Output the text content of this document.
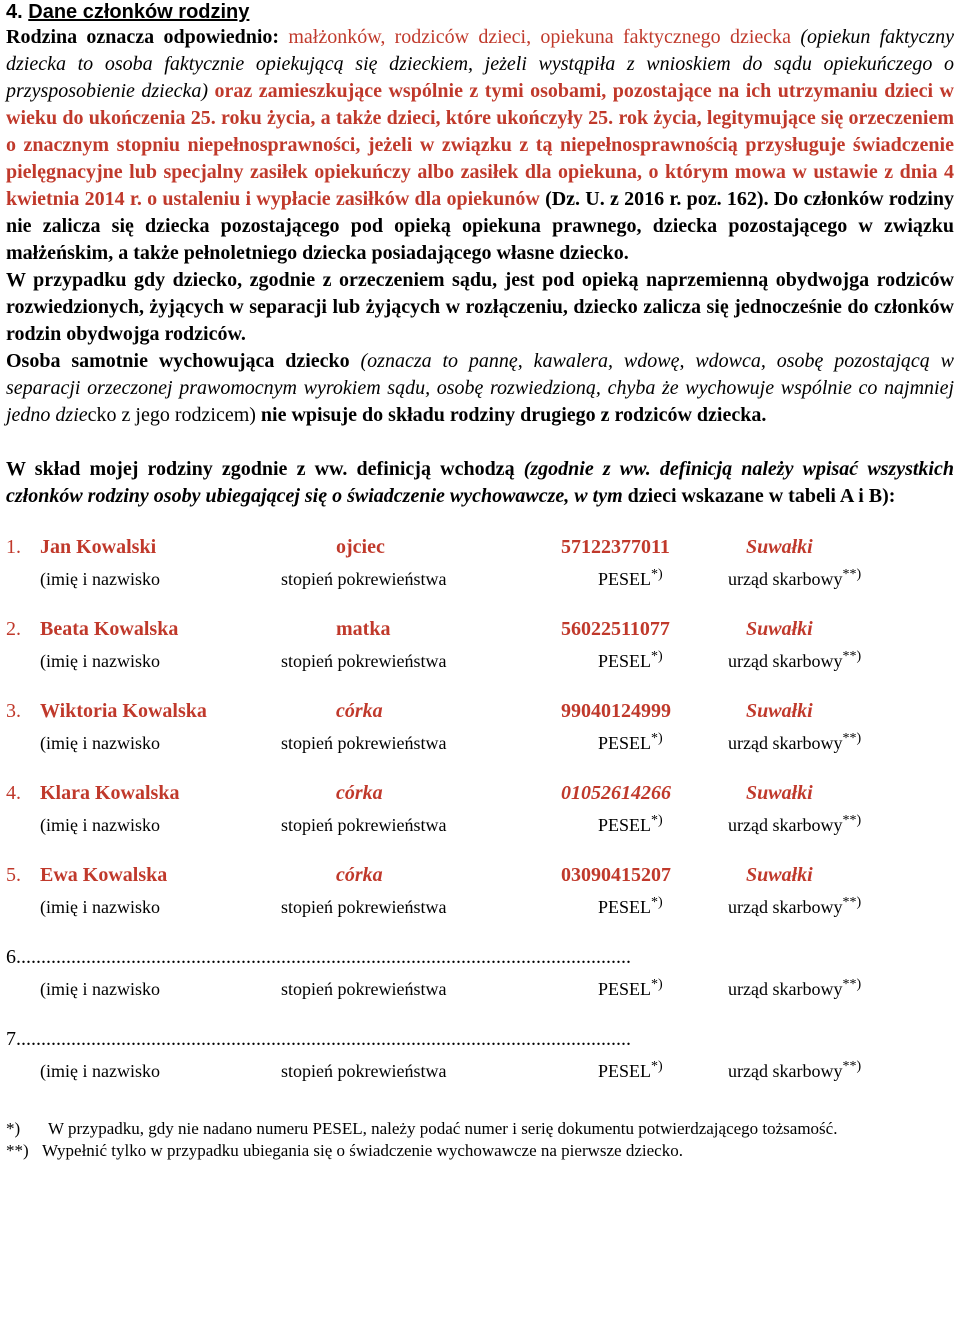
4. Dane członków rodziny

Rodzina oznacza odpowiednio: małżonków, rodziców dzieci, opiekuna faktycznego dziecka (opiekun faktyczny dziecka to osoba faktycznie opiekującą się dzieckiem, jeżeli wystąpiła z wnioskiem do sądu opiekuńczego o przysposobienie dziecka) oraz zamieszkujące wspólnie z tymi osobami, pozostające na ich utrzymaniu dzieci w wieku do ukończenia 25. roku życia, a także dzieci, które ukończyły 25. rok życia, legitymujące się orzeczeniem o znacznym stopniu niepełnosprawności, jeżeli w związku z tą niepełnosprawnością przysługuje świadczenie pielęgnacyjne lub specjalny zasiłek opiekuńczy albo zasiłek dla opiekuna, o którym mowa w ustawie z dnia 4 kwietnia 2014 r. o ustaleniu i wypłacie zasiłków dla opiekunów (Dz. U. z 2016 r. poz. 162). Do członków rodziny nie zalicza się dziecka pozostającego pod opieką opiekuna prawnego, dziecka pozostającego w związku małżeńskim, a także pełnoletniego dziecka posiadającego własne dziecko.

W przypadku gdy dziecko, zgodnie z orzeczeniem sądu, jest pod opieką naprzemienną obydwojga rodziców rozwiedzionych, żyjących w separacji lub żyjących w rozłączeniu, dziecko zalicza się jednocześnie do członków rodzin obydwojga rodziców.

Osoba samotnie wychowująca dziecko (oznacza to pannę, kawalera, wdowę, wdowca, osobę pozostającą w separacji orzeczonej prawomocnym wyrokiem sądu, osobę rozwiedzioną, chyba że wychowuje wspólnie co najmniej jedno dziecko z jego rodzicem) nie wpisuje do składu rodziny drugiego z rodziców dziecka.

W skład mojej rodziny zgodnie z ww. definicją wchodzą (zgodnie z ww. definicją należy wpisać wszystkich członków rodziny osoby ubiegającej się o świadczenie wychowawcze, w tym dzieci wskazane w tabeli A i B):

1. Jan Kowalski	ojciec	57122377011	Suwałki
(imię i nazwisko	stopień pokrewieństwa	PESEL*)	urząd skarbowy**)
2. Beata Kowalska	matka	56022511077	Suwałki
(imię i nazwisko	stopień pokrewieństwa	PESEL*)	urząd skarbowy**)
3. Wiktoria Kowalska	córka	99040124999	Suwałki
(imię i nazwisko	stopień pokrewieństwa	PESEL*)	urząd skarbowy**)
4. Klara Kowalska	córka	01052614266	Suwałki
(imię i nazwisko	stopień pokrewieństwa	PESEL*)	urząd skarbowy**)
5. Ewa Kowalska	córka	03090415207	Suwałki
(imię i nazwisko	stopień pokrewieństwa	PESEL*)	urząd skarbowy**)
6...........................................................................................................................
(imię i nazwisko	stopień pokrewieństwa	PESEL*)	urząd skarbowy**)
7...........................................................................................................................
(imię i nazwisko	stopień pokrewieństwa	PESEL*)	urząd skarbowy**)
*)	W przypadku, gdy nie nadano numeru PESEL, należy podać numer i serię dokumentu potwierdzającego tożsamość.
**) Wypełnić tylko w przypadku ubiegania się o świadczenie wychowawcze na pierwsze dziecko.
